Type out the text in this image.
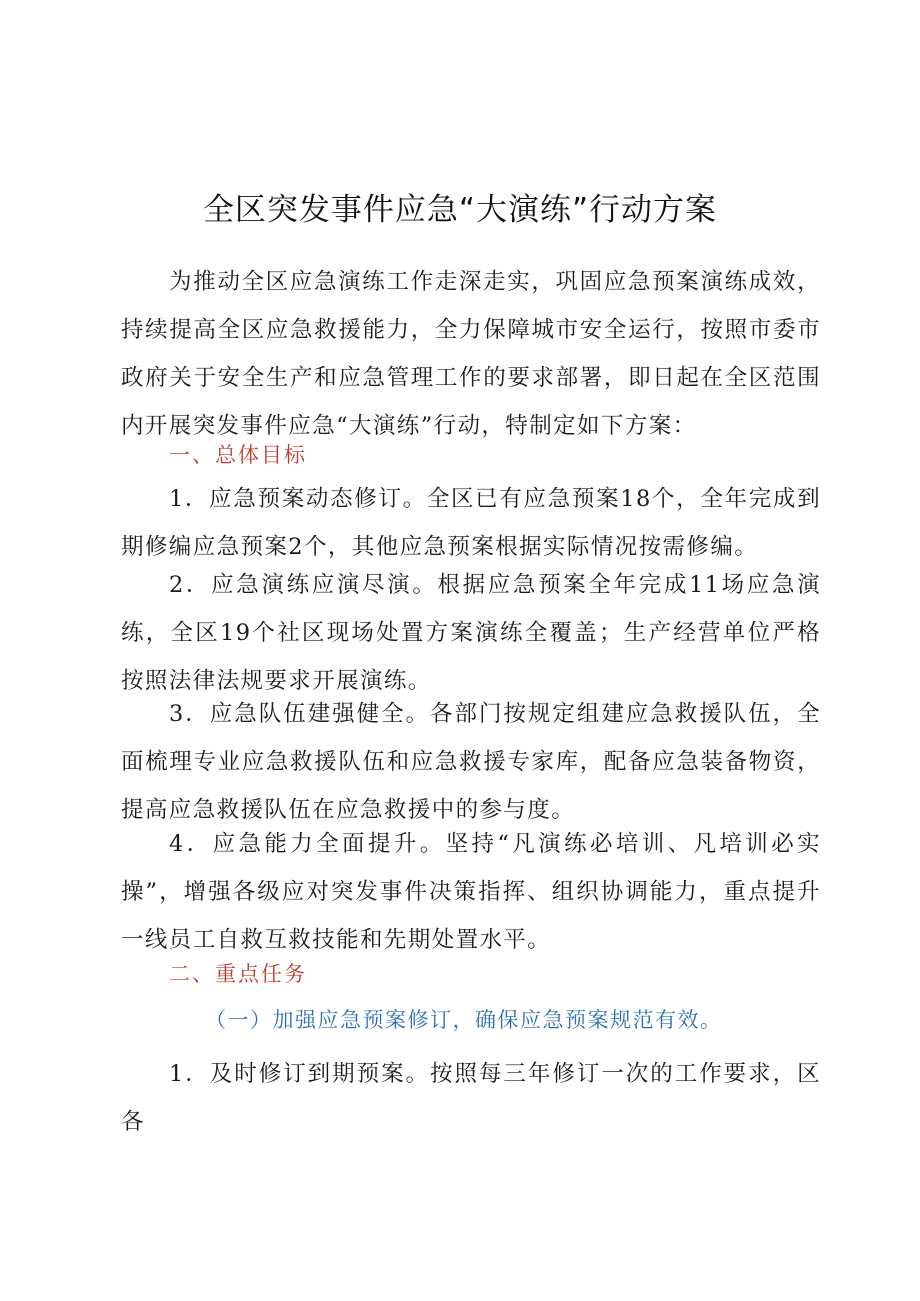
全区突发事件应急“大演练”行动方案
为推动全区应急演练工作走深走实，巩固应急预案演练成效，持续提高全区应急救援能力，全力保障城市安全运行，按照市委市政府关于安全生产和应急管理工作的要求部署，即日起在全区范围内开展突发事件应急“大演练”行动，特制定如下方案：
一、总体目标
1．应急预案动态修订。全区已有应急预案18个，全年完成到期修编应急预案2个，其他应急预案根据实际情况按需修编。
2．应急演练应演尽演。根据应急预案全年完成11场应急演练，全区19个社区现场处置方案演练全覆盖；生产经营单位严格按照法律法规要求开展演练。
3．应急队伍建强健全。各部门按规定组建应急救援队伍，全面梳理专业应急救援队伍和应急救援专家库，配备应急装备物资，提高应急救援队伍在应急救援中的参与度。
4．应急能力全面提升。坚持“凡演练必培训、凡培训必实操”，增强各级应对突发事件决策指挥、组织协调能力，重点提升一线员工自救互救技能和先期处置水平。
二、重点任务
（一）加强应急预案修订，确保应急预案规范有效。
1．及时修订到期预案。按照每三年修订一次的工作要求，区各
